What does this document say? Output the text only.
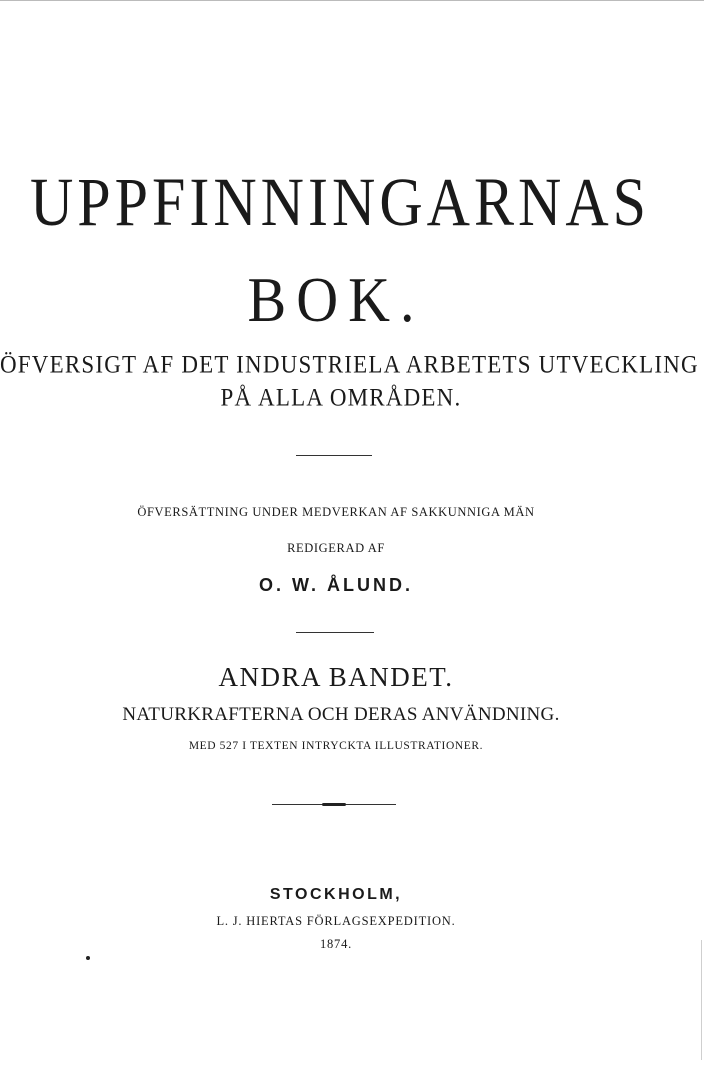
UPPFINNINGARNAS
BOK.
ÖFVERSIGT AF DET INDUSTRIELA ARBETETS UTVECKLING
PÅ ALLA OMRÅDEN.
ÖFVERSÄTTNING UNDER MEDVERKAN AF SAKKUNNIGA MÄN
REDIGERAD AF
O. W. ÅLUND.
ANDRA BANDET.
NATURKRAFTERNA OCH DERAS ANVÄNDNING.
MED 527 I TEXTEN INTRYCKTA ILLUSTRATIONER.
STOCKHOLM,
L. J. HIERTAS FÖRLAGSEXPEDITION.
1874.
